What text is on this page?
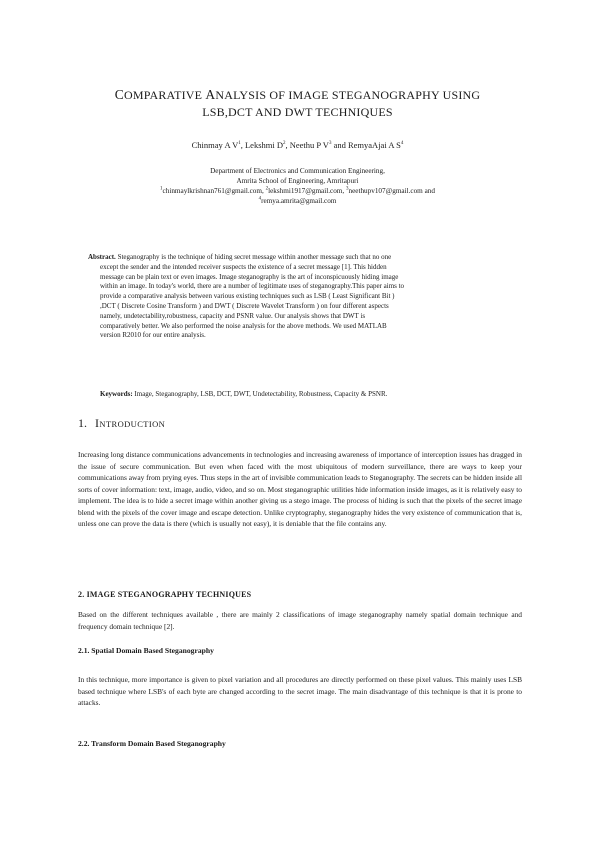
COMPARATIVE ANALYSIS OF IMAGE STEGANOGRAPHY USING
LSB,DCT AND DWT TECHNIQUES
Chinmay A $V^1$, Lekshmi $D^2$, Neethu P $V^3$ and RemyaAjai A $S^4$
Department of Electronics and Communication Engineering,
Amrita School of Engineering, Amritapuri
$^1$chinmaylkrishnan761@gmail.com, $^2$lekshmi1917@gmail.com, $^3$neethupv107@gmail.com and
$^4$remya.amrita@gmail.com
Abstract. Steganography is the technique of hiding secret message within another message such that no one
except the sender and the intended receiver suspects the existence of a secret message [1]. This hidden
message can be plain text or even images. Image steganography is the art of inconspicuously hiding image
within an image. In today's world, there are a number of legitimate uses of steganography.This paper aims to
provide a comparative analysis between various existing techniques such as LSB ( Least Significant Bit )
,DCT ( Discrete Cosine Transform ) and DWT ( Discrete Wavelet Transform ) on four different aspects
namely, undetectability,robustness, capacity and PSNR value. Our analysis shows that DWT is
comparatively better. We also performed the noise analysis for the above methods. We used MATLAB
version R2010 for our entire analysis.
Keywords: Image, Steganography, LSB, DCT, DWT, Undetectability, Robustness, Capacity & PSNR.
1. INTRODUCTION
Increasing long distance communications advancements in technologies and increasing awareness of importance of interception issues has dragged in the issue of secure communication. But even when faced with the most ubiquitous of modern surveillance, there are ways to keep your communications away from prying eyes. Thus steps in the art of invisible communication leads to Steganography. The secrets can be hidden inside all sorts of cover information: text, image, audio, video, and so on. Most steganographic utilities hide information inside images, as it is relatively easy to implement. The idea is to hide a secret image within another giving us a stego image. The process of hiding is such that the pixels of the secret image blend with the pixels of the cover image and escape detection. Unlike cryptography, steganography hides the very existence of communication that is, unless one can prove the data is there (which is usually not easy), it is deniable that the file contains any.
2. IMAGE STEGANOGRAPHY TECHNIQUES
Based on the different techniques available , there are mainly 2 classifications of image steganography namely spatial domain technique and frequency domain technique [2].
2.1. Spatial Domain Based Steganography
In this technique, more importance is given to pixel variation and all procedures are directly performed on these pixel values. This mainly uses LSB based technique where LSB's of each byte are changed according to the secret image. The main disadvantage of this technique is that it is prone to attacks.
2.2. Transform Domain Based Steganography
